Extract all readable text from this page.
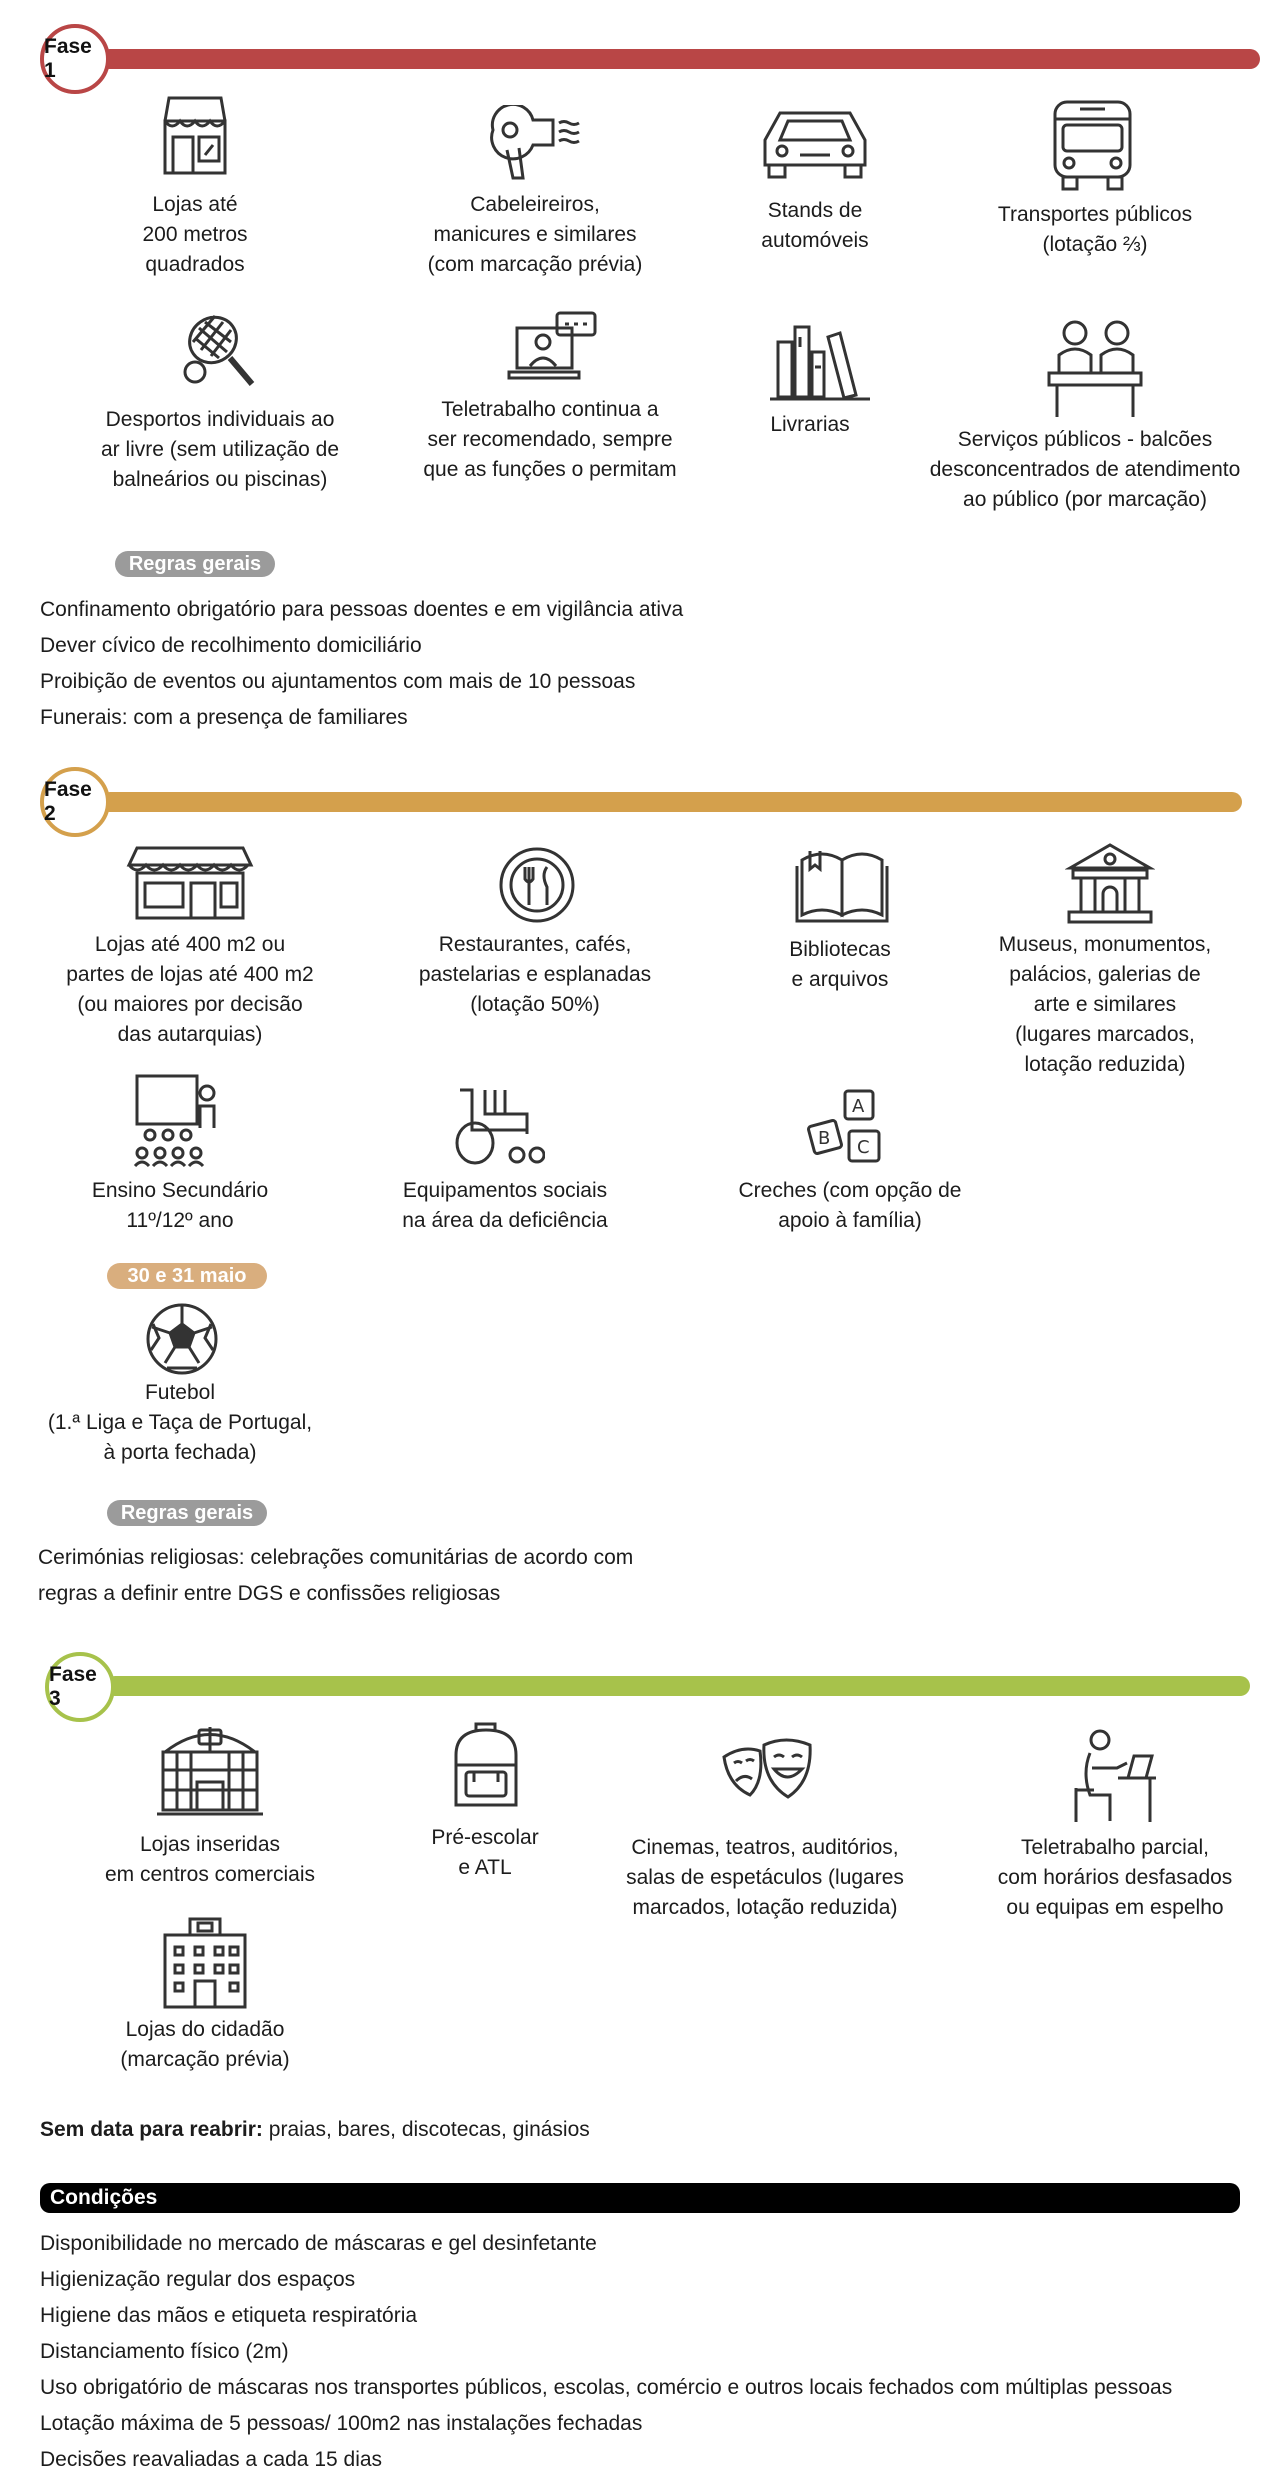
Fase 1
Lojas até
200 metros
quadrados
Cabeleireiros,
manicures e similares
(com marcação prévia)
Stands de
automóveis
Transportes públicos
(lotação ⅔)
Desportos individuais ao
ar livre (sem utilização de
balneários ou piscinas)
Teletrabalho continua a
ser recomendado, sempre
que as funções o permitam
Livrarias
Serviços públicos - balcões
desconcentrados de atendimento
ao público (por marcação)
Regras gerais
Confinamento obrigatório para pessoas doentes e em vigilância ativa
Dever cívico de recolhimento domiciliário
Proibição de eventos ou ajuntamentos com mais de 10 pessoas
Funerais: com a presença de familiares
Fase 2
Lojas até 400 m2 ou
partes de lojas até 400 m2
(ou maiores por decisão
das autarquias)
Restaurantes, cafés,
pastelarias e esplanadas
(lotação 50%)
Bibliotecas
e arquivos
Museus, monumentos,
palácios, galerias de
arte e similares
(lugares marcados,
lotação reduzida)
A
B C
Ensino Secundário
11º/12º ano
Equipamentos sociais
na área da deficiência
Creches (com opção de
apoio à família)
30 e 31 maio
Futebol
(1.ª Liga e Taça de Portugal,
à porta fechada)
Regras gerais
Cerimónias religiosas: celebrações comunitárias de acordo com
regras a definir entre DGS e confissões religiosas
Fase 3
Lojas inseridas
em centros comerciais
Pré-escolar
e ATL
Cinemas, teatros, auditórios,
salas de espetáculos (lugares
marcados, lotação reduzida)
Teletrabalho parcial,
com horários desfasados
ou equipas em espelho
Lojas do cidadão
(marcação prévia)
Sem data para reabrir: praias, bares, discotecas, ginásios
Condições
Disponibilidade no mercado de máscaras e gel desinfetante
Higienização regular dos espaços
Higiene das mãos e etiqueta respiratória
Distanciamento físico (2m)
Uso obrigatório de máscaras nos transportes públicos, escolas, comércio e outros locais fechados com múltiplas pessoas
Lotação máxima de 5 pessoas/ 100m2 nas instalações fechadas
Decisões reavaliadas a cada 15 dias
